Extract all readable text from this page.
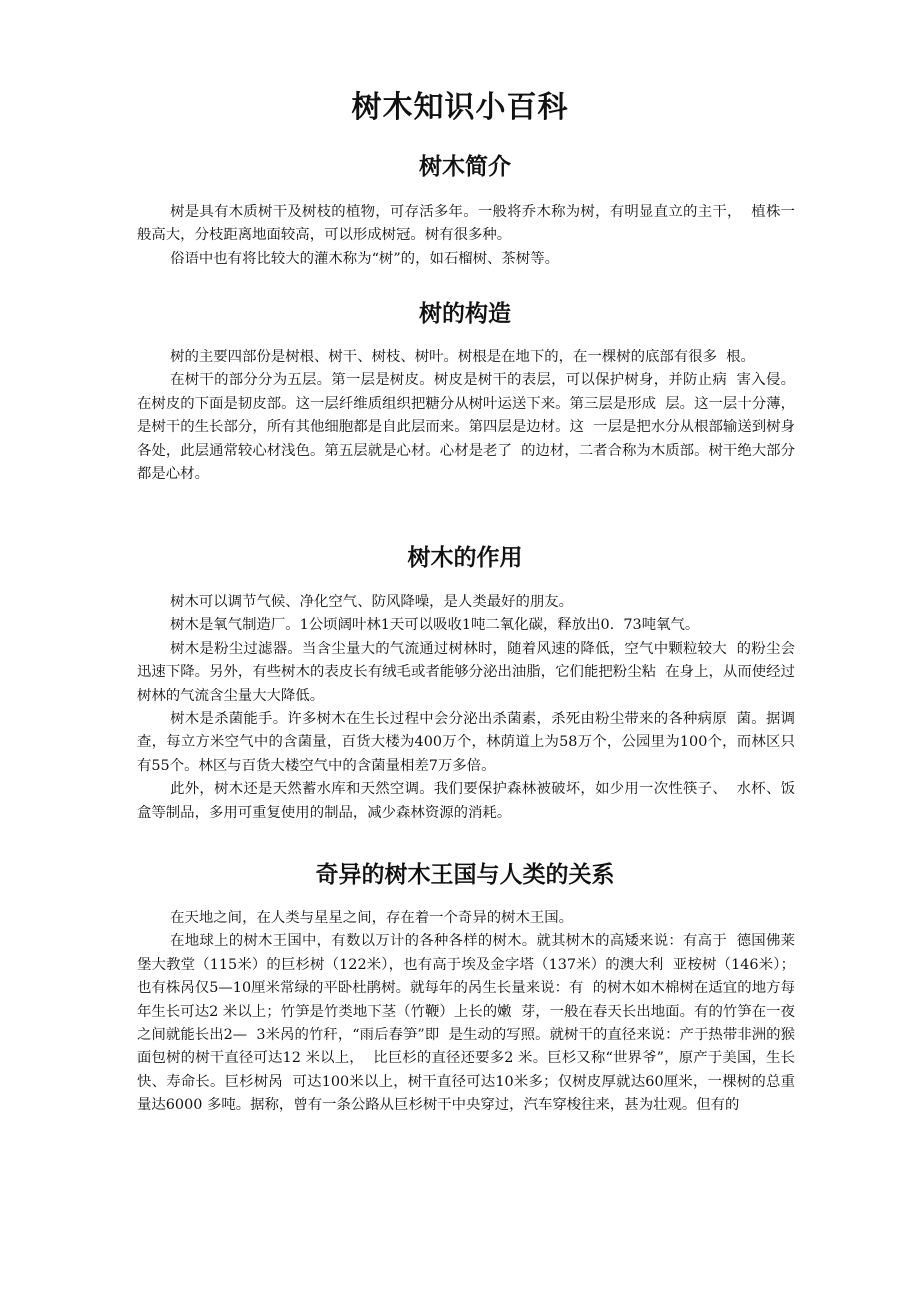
树木知识小百科
树木简介

树是具有木质树干及树枝的植物，可存活多年。一般将乔木称为树，有明显直立的主干，  植株一般高大，分枝距离地面较高，可以形成树冠。树有很多种。

俗语中也有将比较大的灌木称为“树”的，如石榴树、茶树等。

树的构造

树的主要四部份是树根、树干、树枝、树叶。树根是在地下的，在一棵树的底部有很多  根。

在树干的部分分为五层。第一层是树皮。树皮是树干的表层，可以保护树身，并防止病  害入侵。在树皮的下面是韧皮部。这一层纤维质组织把糖分从树叶运送下来。第三层是形成  层。这一层十分薄，是树干的生长部分，所有其他细胞都是自此层而来。第四层是边材。这  一层是把水分从根部输送到树身各处，此层通常较心材浅色。第五层就是心材。心材是老了  的边材，二者合称为木质部。树干绝大部分都是心材。

树木的作用

树木可以调节气候、净化空气、防风降噪，是人类最好的朋友。

树木是氧气制造厂。1公顷阔叶林1天可以吸收1吨二氧化碳，释放出0.  73吨氧气。

树木是粉尘过滤器。当含尘量大的气流通过树林时，随着风速的降低，空气中颗粒较大  的粉尘会迅速下降。另外，有些树木的表皮长有绒毛或者能够分泌出油脂，它们能把粉尘粘  在身上，从而使经过树林的气流含尘量大大降低。

树木是杀菌能手。许多树木在生长过程中会分泌出杀菌素，杀死由粉尘带来的各种病原  菌。据调查，每立方米空气中的含菌量，百货大楼为400万个，林荫道上为58万个，公园里为100个，而林区只有55个。林区与百货大楼空气中的含菌量相差7万多倍。

此外，树木还是天然蓄水库和天然空调。我们要保护森林被破坏，如少用一次性筷子、  水杯、饭盒等制品，多用可重复使用的制品，减少森林资源的消耗。

奇异的树木王国与人类的关系

在天地之间，在人类与星星之间，存在着一个奇异的树木王国。

在地球上的树木王国中，有数以万计的各种各样的树木。就其树木的高矮来说：有高于  德国佛莱堡大教堂（115米）的巨杉树（122米），也有高于埃及金字塔（137米）的澳大利  亚桉树（146米）；也有株呙仅5—10厘米常绿的平卧杜鹃树。就每年的呙生长量来说：有  的树木如木棉树在适宜的地方每年生长可达2 米以上；竹笋是竹类地下茎（竹鞭）上长的嫩  芽，一般在春天长出地面。有的竹笋在一夜之间就能长出2—  3米呙的竹秆，“雨后春笋”即  是生动的写照。就树干的直径来说：产于热带非洲的猴面包树的树干直径可达12 米以上，  比巨杉的直径还要多2 米。巨杉又称“世界爷”，原产于美国，生长快、寿命长。巨杉树呙  可达100米以上，树干直径可达10米多；仅树皮厚就达60厘米，一棵树的总重量达6000 多吨。据称，曾有一条公路从巨杉树干中央穿过，汽车穿梭往来，甚为壮观。但有的
